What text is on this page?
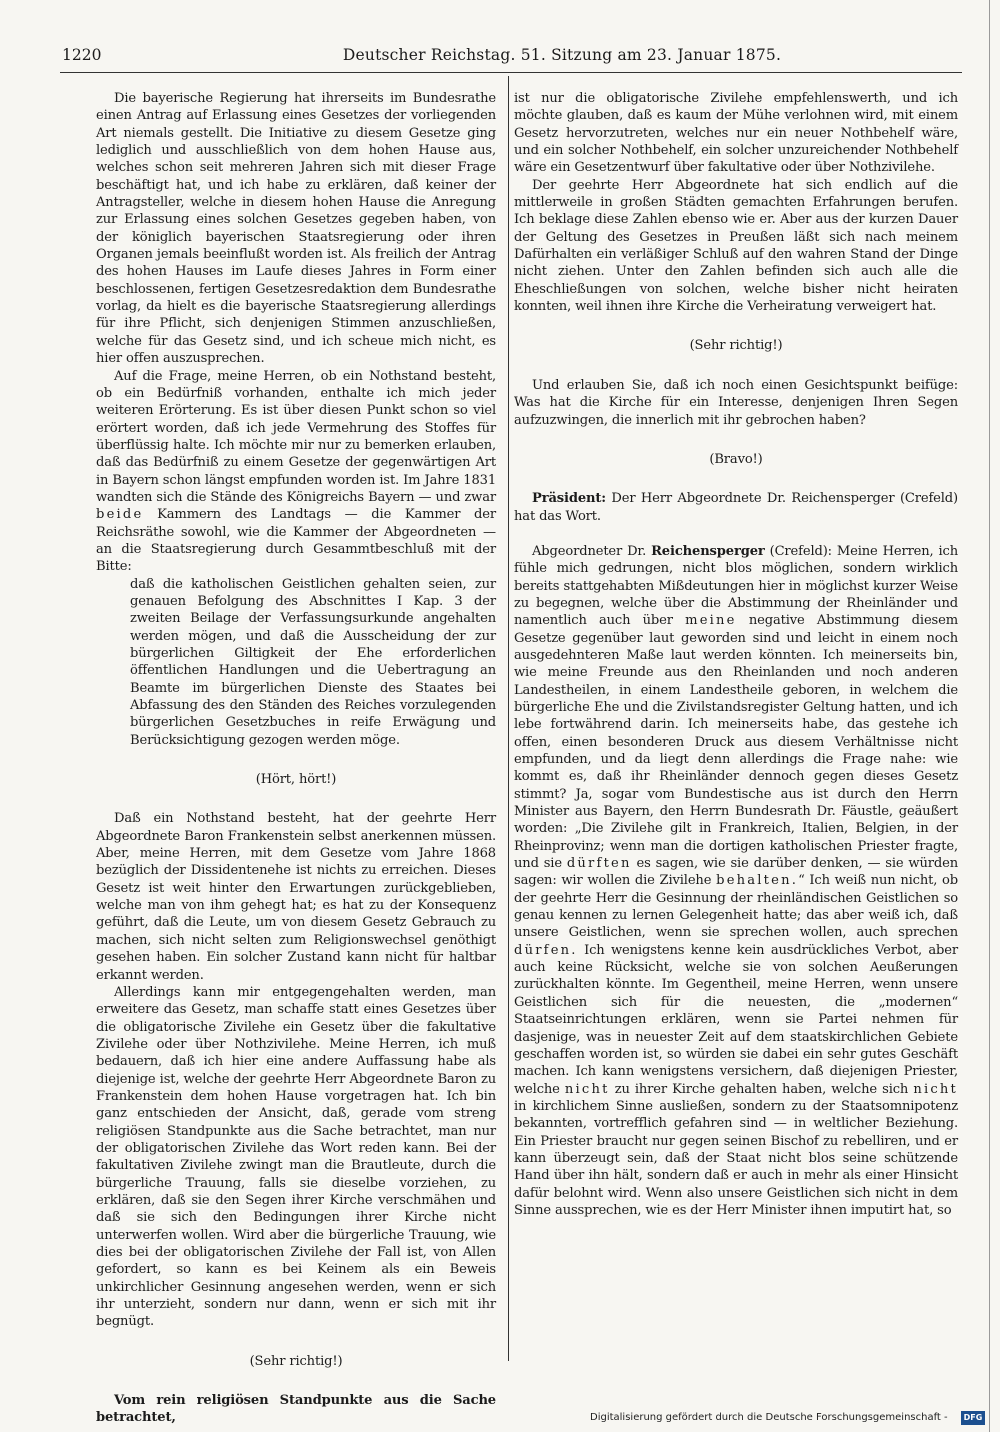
1220	Deutscher Reichstag. 51. Sitzung am 23. Januar 1875.

Die bayerische Regierung hat ihrerseits im Bundesrathe einen Antrag auf Erlassung eines Gesetzes der vorliegenden Art niemals gestellt. Die Initiative zu diesem Gesetze ging lediglich und ausschließlich von dem hohen Hause aus, welches schon seit mehreren Jahren sich mit dieser Frage beschäftigt hat, und ich habe zu erklären, daß keiner der Antragsteller, welche in diesem hohen Hause die Anregung zur Erlassung eines solchen Gesetzes gegeben haben, von der königlich bayerischen Staatsregierung oder ihren Organen jemals beeinflußt worden ist. Als freilich der Antrag des hohen Hauses im Laufe dieses Jahres in Form einer beschlossenen, fertigen Gesetzesredaktion dem Bundesrathe vorlag, da hielt es die bayerische Staatsregierung allerdings für ihre Pflicht, sich denjenigen Stimmen anzuschließen, welche für das Gesetz sind, und ich scheue mich nicht, es hier offen auszusprechen.

Auf die Frage, meine Herren, ob ein Nothstand besteht, ob ein Bedürfniß vorhanden, enthalte ich mich jeder weiteren Erörterung. Es ist über diesen Punkt schon so viel erörtert worden, daß ich jede Vermehrung des Stoffes für überflüssig halte. Ich möchte mir nur zu bemerken erlauben, daß das Bedürfniß zu einem Gesetze der gegenwärtigen Art in Bayern schon längst empfunden worden ist. Im Jahre 1831 wandten sich die Stände des Königreichs Bayern — und zwar beide Kammern des Landtags — die Kammer der Reichsräthe sowohl, wie die Kammer der Abgeordneten — an die Staatsregierung durch Gesammtbeschluß mit der Bitte:

daß die katholischen Geistlichen gehalten seien, zur genauen Befolgung des Abschnittes I Kap. 3 der zweiten Beilage der Verfassungsurkunde angehalten werden mögen, und daß die Ausscheidung der zur bürgerlichen Giltigkeit der Ehe erforderlichen öffentlichen Handlungen und die Uebertragung an Beamte im bürgerlichen Dienste des Staates bei Abfassung des den Ständen des Reiches vorzulegenden bürgerlichen Gesetzbuches in reife Erwägung und Berücksichtigung gezogen werden möge.

(Hört, hört!)

Daß ein Nothstand besteht, hat der geehrte Herr Abgeordnete Baron Frankenstein selbst anerkennen müssen. Aber, meine Herren, mit dem Gesetze vom Jahre 1868 bezüglich der Dissidentenehe ist nichts zu erreichen. Dieses Gesetz ist weit hinter den Erwartungen zurückgeblieben, welche man von ihm gehegt hat; es hat zu der Konsequenz geführt, daß die Leute, um von diesem Gesetz Gebrauch zu machen, sich nicht selten zum Religionswechsel genöthigt gesehen haben. Ein solcher Zustand kann nicht für haltbar erkannt werden.

Allerdings kann mir entgegengehalten werden, man erweitere das Gesetz, man schaffe statt eines Gesetzes über die obligatorische Zivilehe ein Gesetz über die fakultative Zivilehe oder über Nothzivilehe. Meine Herren, ich muß bedauern, daß ich hier eine andere Auffassung habe als diejenige ist, welche der geehrte Herr Abgeordnete Baron zu Frankenstein dem hohen Hause vorgetragen hat. Ich bin ganz entschieden der Ansicht, daß, gerade vom streng religiösen Standpunkte aus die Sache betrachtet, man nur der obligatorischen Zivilehe das Wort reden kann. Bei der fakultativen Zivilehe zwingt man die Brautleute, durch die bürgerliche Trauung, falls sie dieselbe vorziehen, zu erklären, daß sie den Segen ihrer Kirche verschmähen und daß sie sich den Bedingungen ihrer Kirche nicht unterwerfen wollen. Wird aber die bürgerliche Trauung, wie dies bei der obligatorischen Zivilehe der Fall ist, von Allen gefordert, so kann es bei Keinem als ein Beweis unkirchlicher Gesinnung angesehen werden, wenn er sich ihr unterzieht, sondern nur dann, wenn er sich mit ihr begnügt.

(Sehr richtig!)

Vom rein religiösen Standpunkte aus die Sache betrachtet,

ist nur die obligatorische Zivilehe empfehlenswerth, und ich möchte glauben, daß es kaum der Mühe verlohnen wird, mit einem Gesetz hervorzutreten, welches nur ein neuer Nothbehelf wäre, und ein solcher Nothbehelf, ein solcher unzureichender Nothbehelf wäre ein Gesetzentwurf über fakultative oder über Nothzivilehe.

Der geehrte Herr Abgeordnete hat sich endlich auf die mittlerweile in großen Städten gemachten Erfahrungen berufen. Ich beklage diese Zahlen ebenso wie er. Aber aus der kurzen Dauer der Geltung des Gesetzes in Preußen läßt sich nach meinem Dafürhalten ein verläßiger Schluß auf den wahren Stand der Dinge nicht ziehen. Unter den Zahlen befinden sich auch alle die Eheschließungen von solchen, welche bisher nicht heiraten konnten, weil ihnen ihre Kirche die Verheiratung verweigert hat.

(Sehr richtig!)

Und erlauben Sie, daß ich noch einen Gesichtspunkt beifüge: Was hat die Kirche für ein Interesse, denjenigen Ihren Segen aufzuzwingen, die innerlich mit ihr gebrochen haben?

(Bravo!)

Präsident: Der Herr Abgeordnete Dr. Reichensperger (Crefeld) hat das Wort.

Abgeordneter Dr. Reichensperger (Crefeld): Meine Herren, ich fühle mich gedrungen, nicht blos möglichen, sondern wirklich bereits stattgehabten Mißdeutungen hier in möglichst kurzer Weise zu begegnen, welche über die Abstimmung der Rheinländer und namentlich auch über meine negative Abstimmung diesem Gesetze gegenüber laut geworden sind und leicht in einem noch ausgedehnteren Maße laut werden könnten. Ich meinerseits bin, wie meine Freunde aus den Rheinlanden und noch anderen Landestheilen, in einem Landestheile geboren, in welchem die bürgerliche Ehe und die Zivilstandsregister Geltung hatten, und ich lebe fortwährend darin. Ich meinerseits habe, das gestehe ich offen, einen besonderen Druck aus diesem Verhältnisse nicht empfunden, und da liegt denn allerdings die Frage nahe: wie kommt es, daß ihr Rheinländer dennoch gegen dieses Gesetz stimmt? Ja, sogar vom Bundestische aus ist durch den Herrn Minister aus Bayern, den Herrn Bundesrath Dr. Fäustle, geäußert worden: „Die Zivilehe gilt in Frankreich, Italien, Belgien, in der Rheinprovinz; wenn man die dortigen katholischen Priester fragte, und sie dürften es sagen, wie sie darüber denken, — sie würden sagen: wir wollen die Zivilehe behalten.“ Ich weiß nun nicht, ob der geehrte Herr die Gesinnung der rheinländischen Geistlichen so genau kennen zu lernen Gelegenheit hatte; das aber weiß ich, daß unsere Geistlichen, wenn sie sprechen wollen, auch sprechen dürfen. Ich wenigstens kenne kein ausdrückliches Verbot, aber auch keine Rücksicht, welche sie von solchen Aeußerungen zurückhalten könnte. Im Gegentheil, meine Herren, wenn unsere Geistlichen sich für die neuesten, die „modernen“ Staatseinrichtungen erklären, wenn sie Partei nehmen für dasjenige, was in neuester Zeit auf dem staatskirchlichen Gebiete geschaffen worden ist, so würden sie dabei ein sehr gutes Geschäft machen. Ich kann wenigstens versichern, daß diejenigen Priester, welche nicht zu ihrer Kirche gehalten haben, welche sich nicht in kirchlichem Sinne ausließen, sondern zu der Staatsomnipotenz bekannten, vortrefflich gefahren sind — in weltlicher Beziehung. Ein Priester braucht nur gegen seinen Bischof zu rebelliren, und er kann überzeugt sein, daß der Staat nicht blos seine schützende Hand über ihn hält, sondern daß er auch in mehr als einer Hinsicht dafür belohnt wird. Wenn also unsere Geistlichen sich nicht in dem Sinne aussprechen, wie es der Herr Minister ihnen imputirt hat, so

Digitalisierung gefördert durch die Deutsche Forschungsgemeinschaft -	DFG
